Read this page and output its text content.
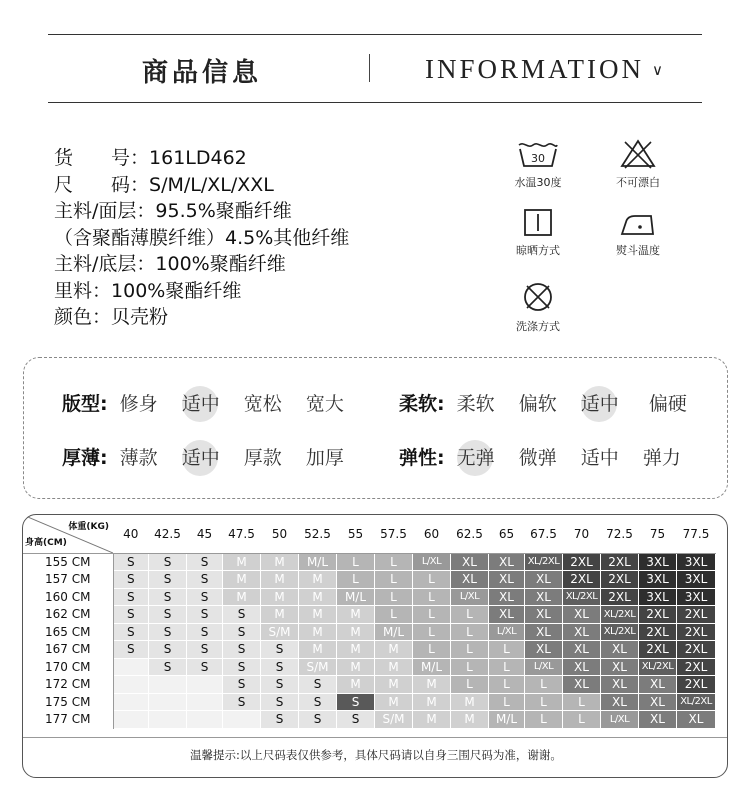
商品信息	INFORMATION ∨
货　　号：161LD462
尺　　码：S/M/L/XL/XXL
主料/面层：95.5%聚酯纤维
（含聚酯薄膜纤维）4.5%其他纤维
主料/底层：100%聚酯纤维
里料：100%聚酯纤维
颜色：贝壳粉
30
水温30度	不可漂白
晾晒方式	熨斗温度
洗涤方式
版型: 修身 适中 宽松 宽大	柔软: 柔软 偏软 适中 偏硬
厚薄: 薄款 适中 厚款 加厚	弹性: 无弹 微弹 适中 弹力
体重(KG)
身高(CM)	40	42.5	45	47.5	50	52.5	55	57.5	60	62.5	65	67.5	70	72.5	75	77.5
155 CM	S	S	S	M	M	M/L	L	L	L/XL	XL	XL	XL/2XL	2XL	2XL	3XL	3XL
157 CM	S	S	S	M	M	M	L	L	L	XL	XL	XL	2XL	2XL	3XL	3XL
160 CM	S	S	S	M	M	M	M/L	L	L	L/XL	XL	XL	XL/2XL	2XL	3XL	3XL
162 CM	S	S	S	S	M	M	M	L	L	L	XL	XL	XL	XL/2XL	2XL	2XL
165 CM	S	S	S	S	S/M	M	M	M/L	L	L	L/XL	XL	XL	XL/2XL	2XL	2XL
167 CM	S	S	S	S	S	M	M	M	L	L	L	XL	XL	XL	2XL	2XL
170 CM		S	S	S	S	S/M	M	M	M/L	L	L	L/XL	XL	XL	XL/2XL	2XL
172 CM				S	S	S	M	M	M	L	L	L	XL	XL	XL	2XL
175 CM				S	S	S	S	M	M	M	L	L	L	XL	XL	XL/2XL
177 CM					S	S	S	S/M	M	M	M/L	L	L	L/XL	XL	XL
温馨提示:以上尺码表仅供参考，具体尺码请以自身三围尺码为准，谢谢。
